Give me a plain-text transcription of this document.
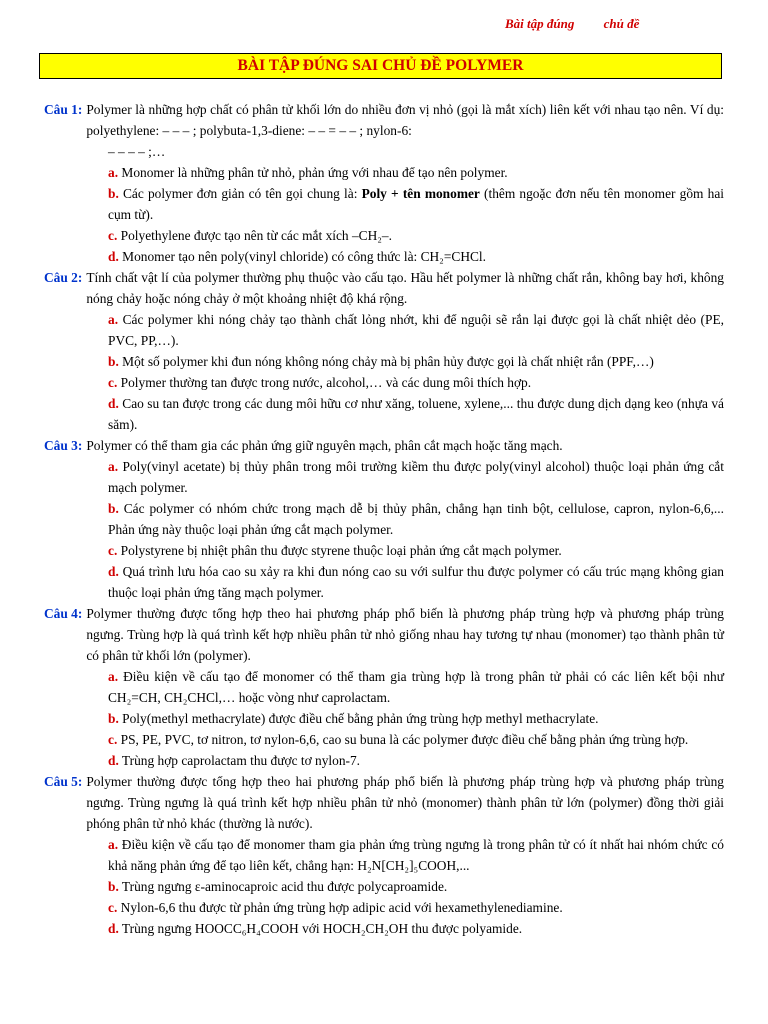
Bài tập đúng chủ đề
BÀI TẬP ĐÚNG SAI CHỦ ĐỀ POLYMER
Câu 1: Polymer là những hợp chất có phân tử khối lớn do nhiều đơn vị nhỏ (gọi là mắt xích) liên kết với nhau tạo nên. Ví dụ: polyethylene: – – – ; polybuta-1,3-diene: – – = – – ; nylon-6:
– – – – ;…
a. Monomer là những phân tử nhỏ, phản ứng với nhau để tạo nên polymer.
b. Các polymer đơn giản có tên gọi chung là: Poly + tên monomer (thêm ngoặc đơn nếu tên monomer gồm hai cụm từ).
c. Polyethylene được tạo nên từ các mắt xích –CH₂–.
d. Monomer tạo nên poly(vinyl chloride) có công thức là: CH₂=CHCl.
Câu 2: Tính chất vật lí của polymer thường phụ thuộc vào cấu tạo. Hầu hết polymer là những chất rắn, không bay hơi, không nóng chảy hoặc nóng chảy ở một khoảng nhiệt độ khá rộng.
a. Các polymer khi nóng chảy tạo thành chất lỏng nhớt, khi để nguội sẽ rắn lại được gọi là chất nhiệt dẻo (PE, PVC, PP,…).
b. Một số polymer khi đun nóng không nóng chảy mà bị phân hủy được gọi là chất nhiệt rắn (PPF,…)
c. Polymer thường tan được trong nước, alcohol,… và các dung môi thích hợp.
d. Cao su tan được trong các dung môi hữu cơ như xăng, toluene, xylene,... thu được dung dịch dạng keo (nhựa vá săm).
Câu 3: Polymer có thể tham gia các phản ứng giữ nguyên mạch, phân cắt mạch hoặc tăng mạch.
a. Poly(vinyl acetate) bị thủy phân trong môi trường kiềm thu được poly(vinyl alcohol) thuộc loại phản ứng cắt mạch polymer.
b. Các polymer có nhóm chức trong mạch dễ bị thủy phân, chẳng hạn tinh bột, cellulose, capron, nylon-6,6,... Phản ứng này thuộc loại phản ứng cắt mạch polymer.
c. Polystyrene bị nhiệt phân thu được styrene thuộc loại phản ứng cắt mạch polymer.
d. Quá trình lưu hóa cao su xảy ra khi đun nóng cao su với sulfur thu được polymer có cấu trúc mạng không gian thuộc loại phản ứng tăng mạch polymer.
Câu 4: Polymer thường được tổng hợp theo hai phương pháp phổ biến là phương pháp trùng hợp và phương pháp trùng ngưng. Trùng hợp là quá trình kết hợp nhiều phân tử nhỏ giống nhau hay tương tự nhau (monomer) tạo thành phân tử có phân tử khối lớn (polymer).
a. Điều kiện về cấu tạo để monomer có thể tham gia trùng hợp là trong phân tử phải có các liên kết bội như CH₂=CH, CH₂CHCl,… hoặc vòng như caprolactam.
b. Poly(methyl methacrylate) được điều chế bằng phản ứng trùng hợp methyl methacrylate.
c. PS, PE, PVC, tơ nitron, tơ nylon-6,6, cao su buna là các polymer được điều chế bằng phản ứng trùng hợp.
d. Trùng hợp caprolactam thu được tơ nylon-7.
Câu 5: Polymer thường được tổng hợp theo hai phương pháp phổ biến là phương pháp trùng hợp và phương pháp trùng ngưng. Trùng ngưng là quá trình kết hợp nhiều phân tử nhỏ (monomer) thành phân tử lớn (polymer) đồng thời giải phóng phân tử nhỏ khác (thường là nước).
a. Điều kiện về cấu tạo để monomer tham gia phản ứng trùng ngưng là trong phân tử có ít nhất hai nhóm chức có khả năng phản ứng để tạo liên kết, chẳng hạn: H₂N[CH₂]₅COOH,...
b. Trùng ngưng ε-aminocaproic acid thu được polycaproamide.
c. Nylon-6,6 thu được từ phản ứng trùng hợp adipic acid với hexamethylenediamine.
d. Trùng ngưng HOOCC₆H₄COOH với HOCH₂CH₂OH thu được polyamide.
